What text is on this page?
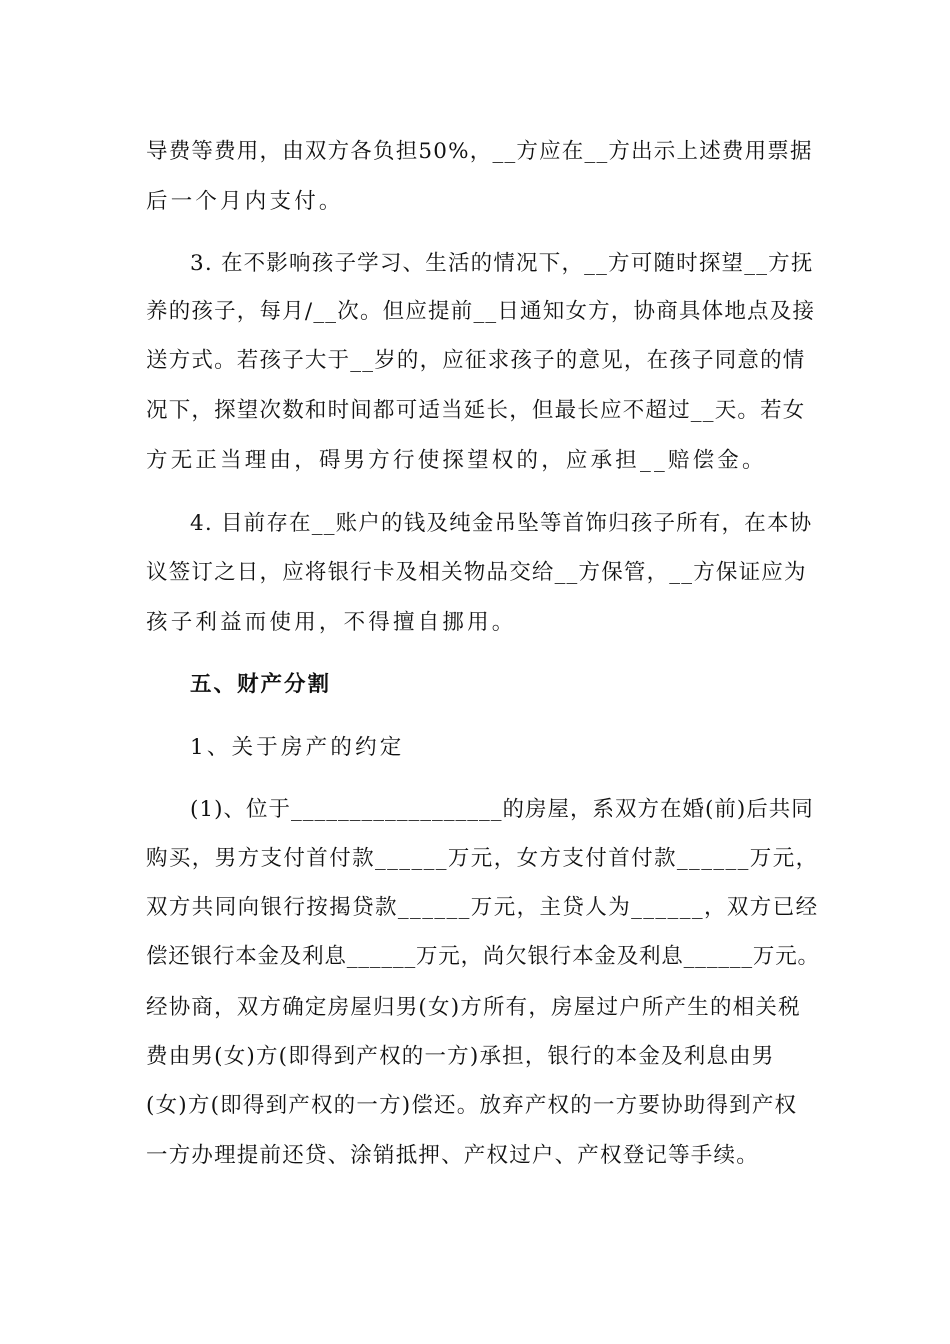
导费等费用，由双方各负担50%，__方应在__方出示上述费用票据
后一个月内支付。
3. 在不影响孩子学习、生活的情况下，__方可随时探望__方抚
养的孩子，每月/__次。但应提前__日通知女方，协商具体地点及接
送方式。若孩子大于__岁的，应征求孩子的意见，在孩子同意的情
况下，探望次数和时间都可适当延长，但最长应不超过__天。若女
方无正当理由，碍男方行使探望权的，应承担__赔偿金。
4. 目前存在__账户的钱及纯金吊坠等首饰归孩子所有，在本协
议签订之日，应将银行卡及相关物品交给__方保管，__方保证应为
孩子利益而使用，不得擅自挪用。
五、财产分割
1、关于房产的约定
(1)、位于__________________的房屋，系双方在婚(前)后共同
购买，男方支付首付款______万元，女方支付首付款______万元，
双方共同向银行按揭贷款______万元，主贷人为______，双方已经
偿还银行本金及利息______万元，尚欠银行本金及利息______万元。
经协商，双方确定房屋归男(女)方所有，房屋过户所产生的相关税
费由男(女)方(即得到产权的一方)承担，银行的本金及利息由男
(女)方(即得到产权的一方)偿还。放弃产权的一方要协助得到产权
一方办理提前还贷、涂销抵押、产权过户、产权登记等手续。
